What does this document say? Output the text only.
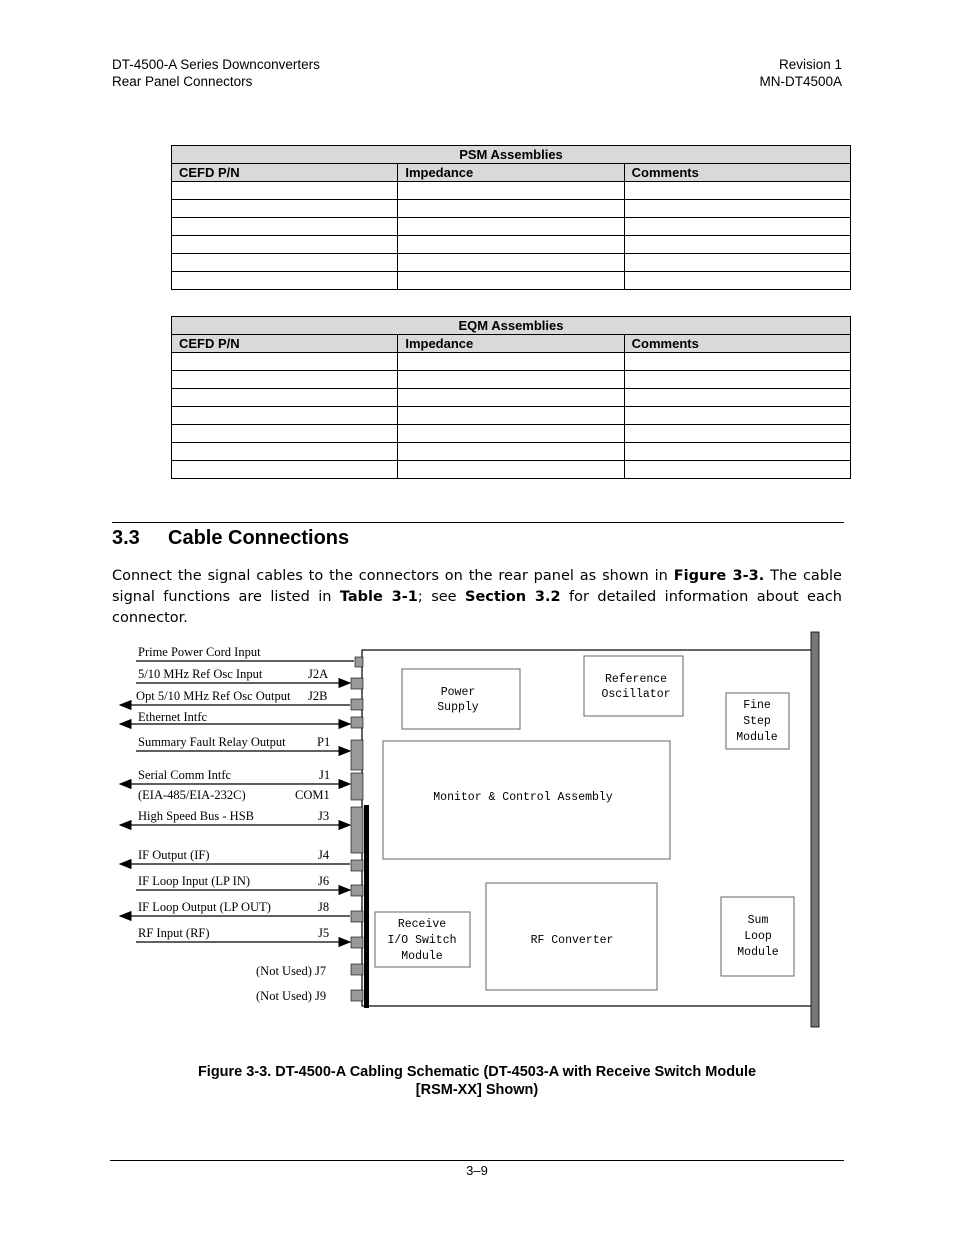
DT-4500-A Series Downconverters
Rear Panel Connectors
Revision 1
MN-DT4500A
PSM Assemblies		
CEFD P/N	Impedance	Comments

EQM Assemblies		
CEFD P/N	Impedance	Comments

3.3 Cable Connections
Connect the signal cables to the connectors on the rear panel as shown in Figure 3-3. The cable signal functions are listed in Table 3-1; see Section 3.2 for detailed information about each connector.
Prime Power Cord Input
5/10 MHz Ref Osc Input	J2A
Opt 5/10 MHz Ref Osc Output J2B
Ethernet Intfc
Summary Fault Relay Output	P1
Serial Comm Intfc	J1
(EIA-485/EIA-232C)	COM1
High Speed Bus - HSB	J3
IF Output (IF)	J4
IF Loop Input (LP IN)	J6
IF Loop Output (LP OUT)	J8
RF Input (RF)	J5
(Not Used) J7
(Not Used) J9
Power
Supply
Reference
Oscillator
Fine
Step
Module
Monitor & Control Assembly
RF Converter
Receive
I/O Switch
Module
Sum
Loop
Module
Figure 3-3. DT-4500-A Cabling Schematic (DT-4503-A with Receive Switch Module
[RSM-XX] Shown)
3–9
